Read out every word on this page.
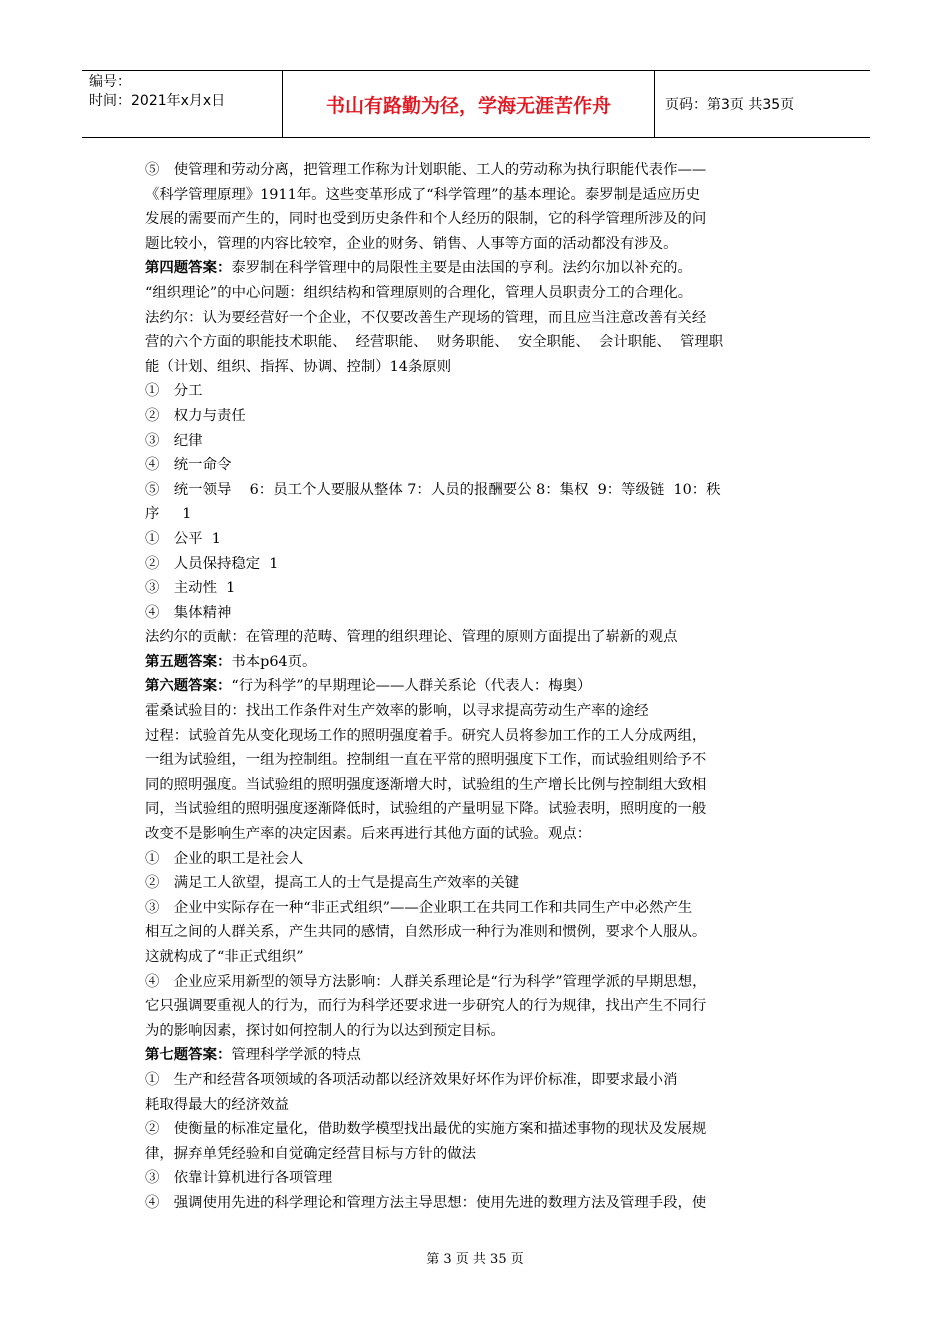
编号：
时间：2021年x月x日	书山有路勤为径，学海无涯苦作舟	页码：第3页 共35页

⑤　使管理和劳动分离，把管理工作称为计划职能、工人的劳动称为执行职能代表作——

《科学管理原理》1911年。这些变革形成了“科学管理”的基本理论。泰罗制是适应历史

发展的需要而产生的，同时也受到历史条件和个人经历的限制，它的科学管理所涉及的问

题比较小，管理的内容比较窄，企业的财务、销售、人事等方面的活动都没有涉及。

第四题答案：泰罗制在科学管理中的局限性主要是由法国的亨利。法约尔加以补充的。

“组织理论”的中心问题：组织结构和管理原则的合理化，管理人员职责分工的合理化。

法约尔：认为要经营好一个企业，不仅要改善生产现场的管理，而且应当注意改善有关经

营的六个方面的职能技术职能、  经营职能、  财务职能、  安全职能、  会计职能、  管理职

能（计划、组织、指挥、协调、控制）14条原则

①　分工

②　权力与责任

③　纪律

④　统一命令

⑤　统一领导    6：员工个人要服从整体 7：人员的报酬要公 8：集权  9：等级链  10：秩

序     1

①　公平  1

②　人员保持稳定  1

③　主动性  1

④　集体精神

法约尔的贡献：在管理的范畴、管理的组织理论、管理的原则方面提出了崭新的观点

第五题答案：书本p64页。

第六题答案：“行为科学”的早期理论——人群关系论（代表人：梅奥）

霍桑试验目的：找出工作条件对生产效率的影响，以寻求提高劳动生产率的途经

过程：试验首先从变化现场工作的照明强度着手。研究人员将参加工作的工人分成两组，

一组为试验组，一组为控制组。控制组一直在平常的照明强度下工作，而试验组则给予不

同的照明强度。当试验组的照明强度逐渐增大时，试验组的生产增长比例与控制组大致相

同，当试验组的照明强度逐渐降低时，试验组的产量明显下降。试验表明，照明度的一般

改变不是影响生产率的决定因素。后来再进行其他方面的试验。观点：

①　企业的职工是社会人

②　满足工人欲望，提高工人的士气是提高生产效率的关键

③　企业中实际存在一种“非正式组织”——企业职工在共同工作和共同生产中必然产生

相互之间的人群关系，产生共同的感情，自然形成一种行为准则和惯例，要求个人服从。

这就构成了“非正式组织”

④　企业应采用新型的领导方法影响：人群关系理论是“行为科学”管理学派的早期思想，

它只强调要重视人的行为，而行为科学还要求进一步研究人的行为规律，找出产生不同行

为的影响因素，探讨如何控制人的行为以达到预定目标。

第七题答案：管理科学学派的特点

①　生产和经营各项领域的各项活动都以经济效果好坏作为评价标准，即要求最小消

耗取得最大的经济效益

②　使衡量的标准定量化，借助数学模型找出最优的实施方案和描述事物的现状及发展规

律，摒弃单凭经验和自觉确定经营目标与方针的做法

③　依靠计算机进行各项管理

④　强调使用先进的科学理论和管理方法主导思想：使用先进的数理方法及管理手段，使

第 3 页 共 35 页
